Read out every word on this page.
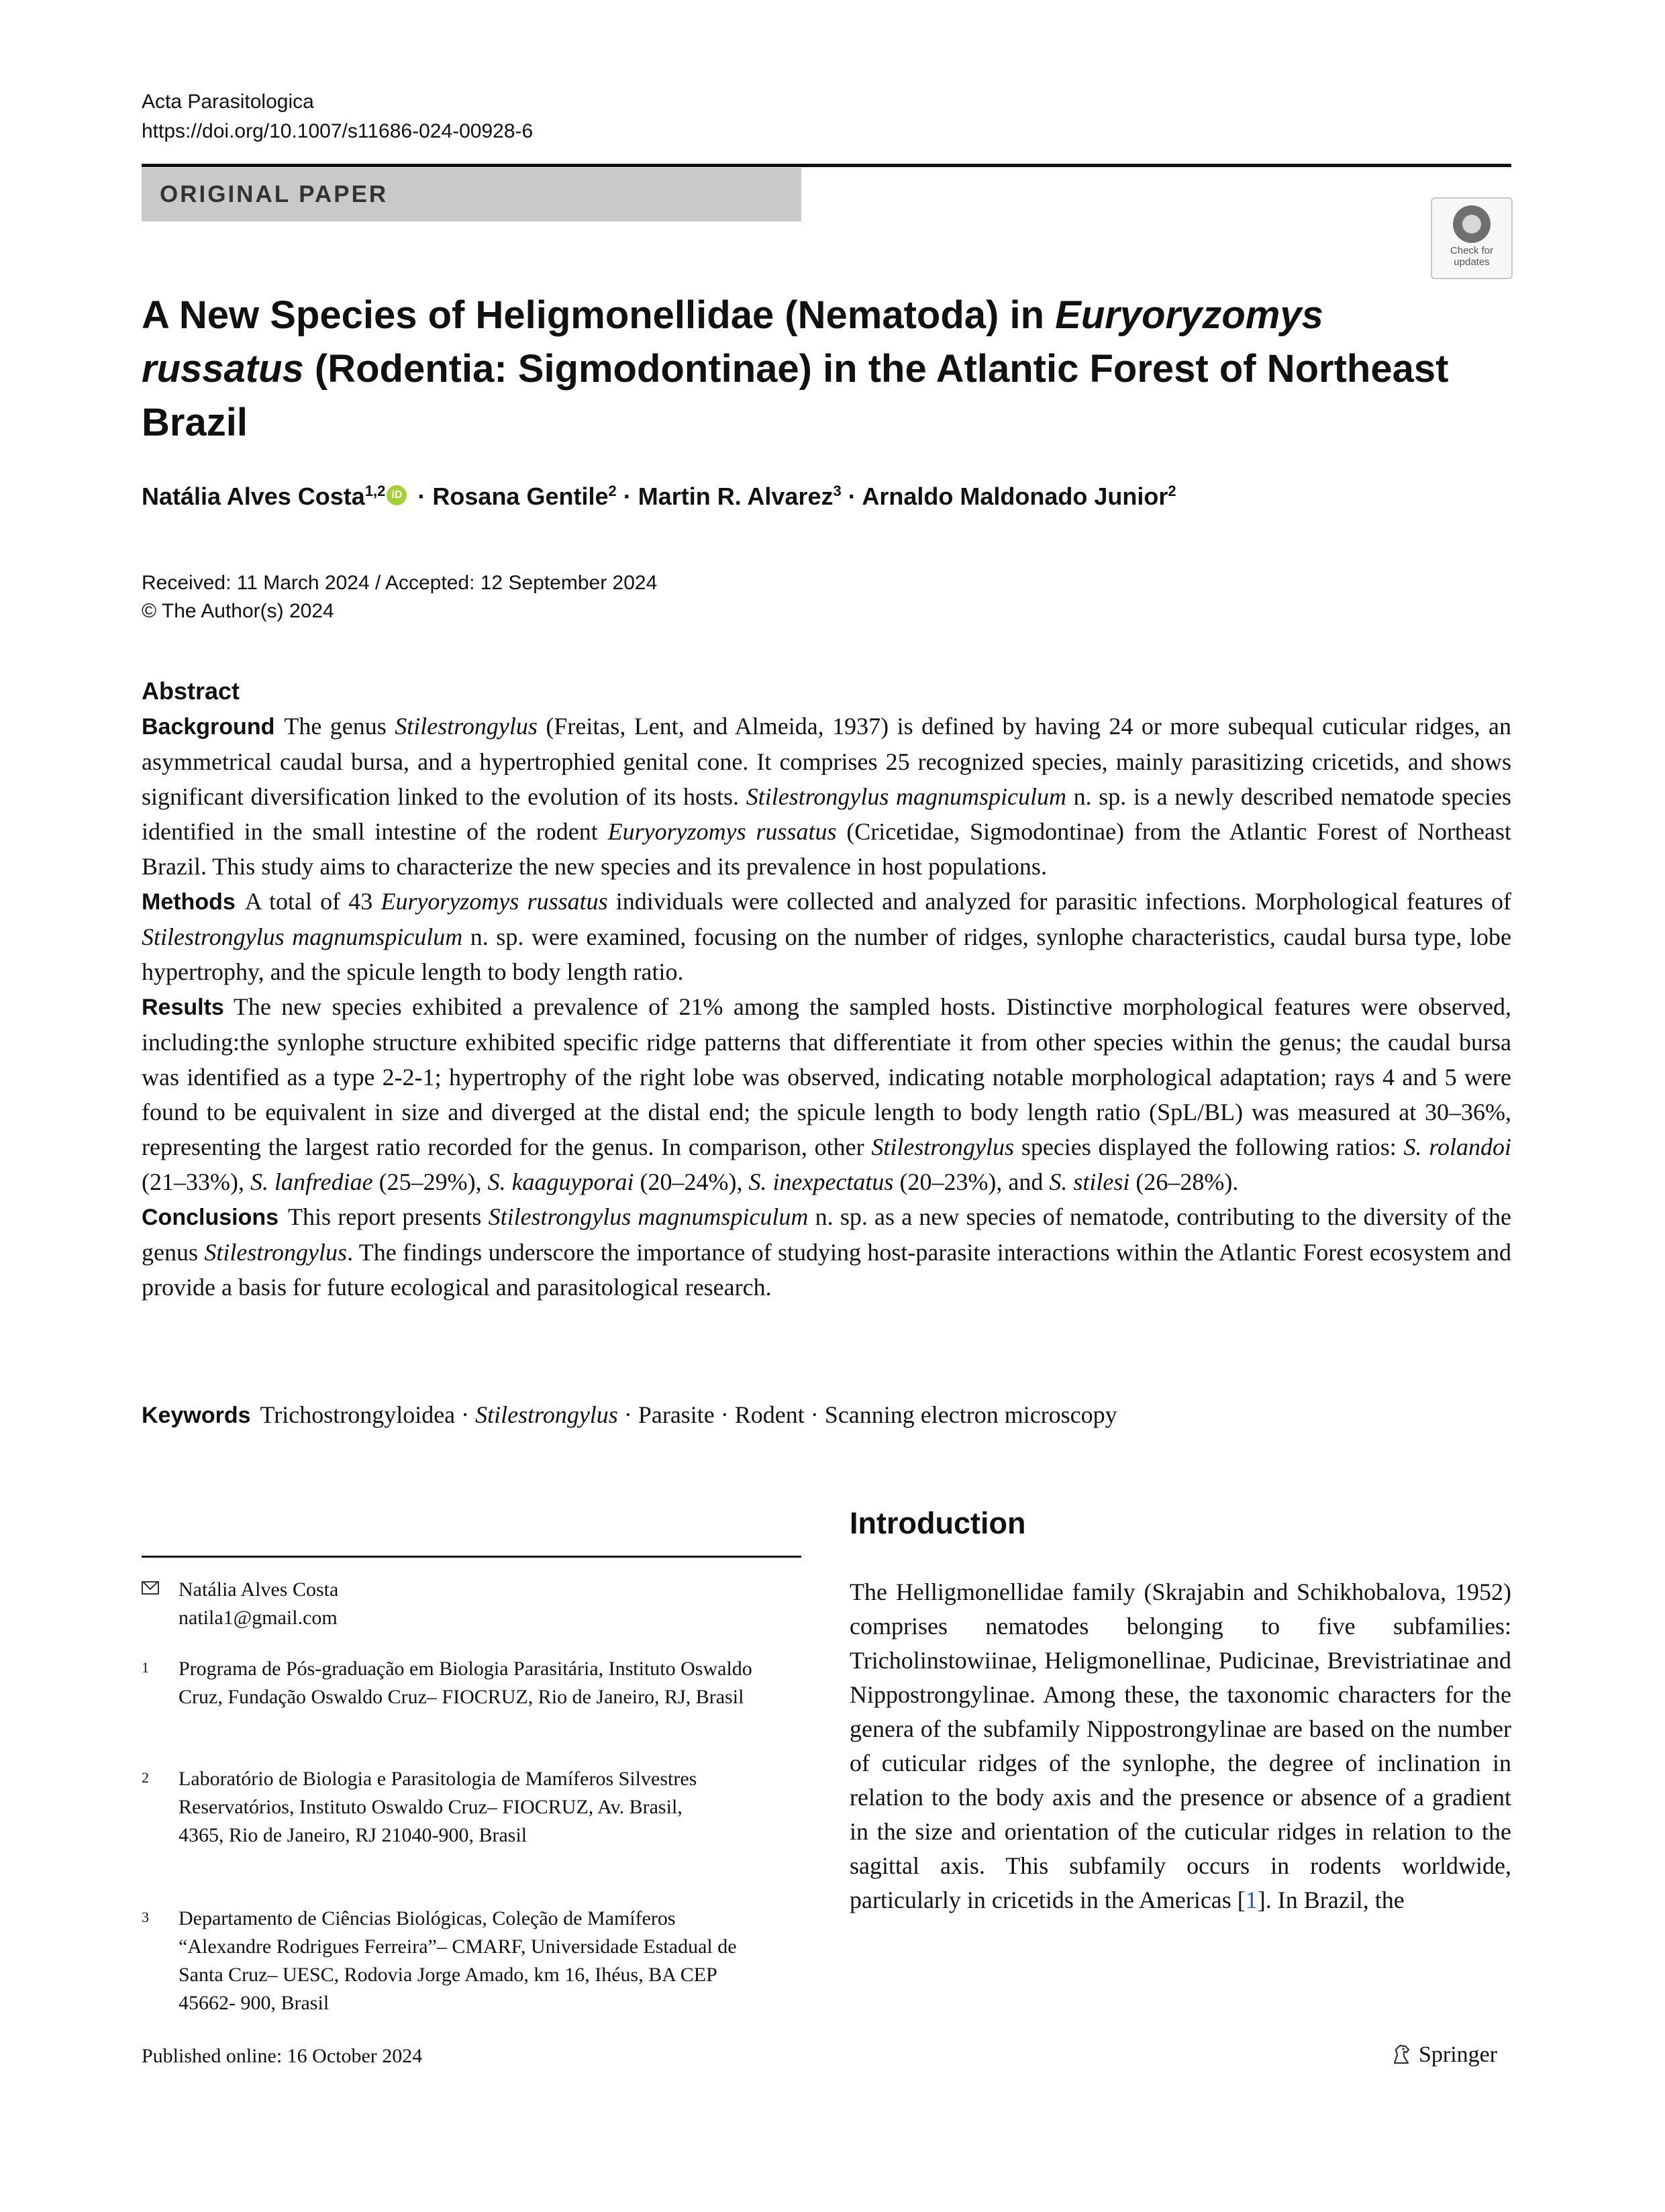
Acta Parasitologica
https://doi.org/10.1007/s11686-024-00928-6
ORIGINAL PAPER
Check for
updates
A New Species of Heligmonellidae (Nematoda) in Euryoryzomys russatus (Rodentia: Sigmodontinae) in the Atlantic Forest of Northeast Brazil
Natália Alves Costa$^{1,2}$ iD · Rosana Gentile$^2$ · Martin R. Alvarez$^3$ · Arnaldo Maldonado Junior$^2$
Received: 11 March 2024 / Accepted: 12 September 2024
© The Author(s) 2024
Abstract

Background The genus Stilestrongylus (Freitas, Lent, and Almeida, 1937) is defined by having 24 or more subequal cuticular ridges, an asymmetrical caudal bursa, and a hypertrophied genital cone. It comprises 25 recognized species, mainly parasitizing cricetids, and shows significant diversification linked to the evolution of its hosts. Stilestrongylus magnumspiculum n. sp. is a newly described nematode species identified in the small intestine of the rodent Euryoryzomys russatus (Cricetidae, Sigmodontinae) from the Atlantic Forest of Northeast Brazil. This study aims to characterize the new species and its prevalence in host populations.

Methods A total of 43 Euryoryzomys russatus individuals were collected and analyzed for parasitic infections. Morphological features of Stilestrongylus magnumspiculum n. sp. were examined, focusing on the number of ridges, synlophe characteristics, caudal bursa type, lobe hypertrophy, and the spicule length to body length ratio.

Results The new species exhibited a prevalence of 21% among the sampled hosts. Distinctive morphological features were observed, including:the synlophe structure exhibited specific ridge patterns that differentiate it from other species within the genus; the caudal bursa was identified as a type 2-2-1; hypertrophy of the right lobe was observed, indicating notable morphological adaptation; rays 4 and 5 were found to be equivalent in size and diverged at the distal end; the spicule length to body length ratio (SpL/BL) was measured at 30–36%, representing the largest ratio recorded for the genus. In comparison, other Stilestrongylus species displayed the following ratios: S. rolandoi (21–33%), S. lanfrediae (25–29%), S. kaaguyporai (20–24%), S. inexpectatus (20–23%), and S. stilesi (26–28%).

Conclusions This report presents Stilestrongylus magnumspiculum n. sp. as a new species of nematode, contributing to the diversity of the genus Stilestrongylus. The findings underscore the importance of studying host-parasite interactions within the Atlantic Forest ecosystem and provide a basis for future ecological and parasitological research.

Keywords Trichostrongyloidea · Stilestrongylus · Parasite · Rodent · Scanning electron microscopy
Natália Alves Costa
natila1@gmail.com
1 Programa de Pós-graduação em Biologia Parasitária, Instituto Oswaldo Cruz, Fundação Oswaldo Cruz– FIOCRUZ, Rio de Janeiro, RJ, Brasil
2 Laboratório de Biologia e Parasitologia de Mamíferos Silvestres Reservatórios, Instituto Oswaldo Cruz– FIOCRUZ, Av. Brasil, 4365, Rio de Janeiro, RJ 21040-900, Brasil
3 Departamento de Ciências Biológicas, Coleção de Mamíferos “Alexandre Rodrigues Ferreira”– CMARF, Universidade Estadual de Santa Cruz– UESC, Rodovia Jorge Amado, km 16, Ihéus, BA CEP 45662- 900, Brasil
Introduction

The Helligmonellidae family (Skrajabin and Schikhobalova, 1952) comprises nematodes belonging to five subfamilies: Tricholinstowiinae, Heligmonellinae, Pudicinae, Brevistriatinae and Nippostrongylinae. Among these, the taxonomic characters for the genera of the subfamily Nippostrongylinae are based on the number of cuticular ridges of the synlophe, the degree of inclination in relation to the body axis and the presence or absence of a gradient in the size and orientation of the cuticular ridges in relation to the sagittal axis. This subfamily occurs in rodents worldwide, particularly in cricetids in the Americas [1]. In Brazil, the

Published online: 16 October 2024	Springer
